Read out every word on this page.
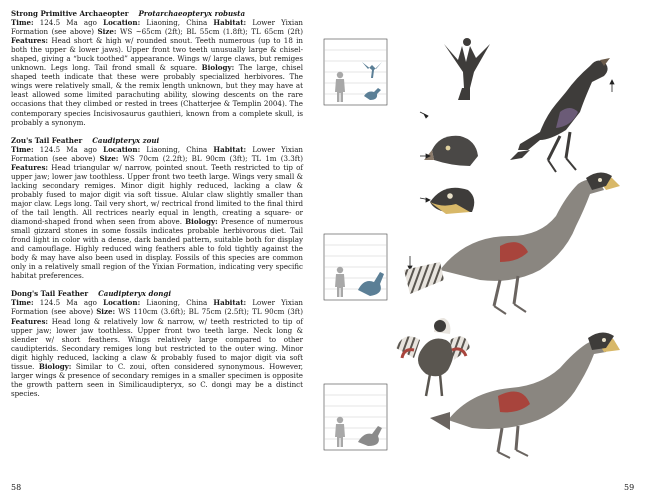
Strong Primitive Archaeopter Protarchaeopteryx robusta
Time: 124.5 Ma ago Location: Liaoning, China Habitat: Lower Yixian Formation (see above) Size: WS ~65cm (2ft); BL 55cm (1.8ft); TL 65cm (2ft) Features: Head short & high w/ rounded snout. Teeth numerous (up to 18 in both the upper & lower jaws). Upper front two teeth unusually large & chisel-shaped, giving a “buck toothed” appearance. Wings w/ large claws, but remiges unknown. Legs long. Tail frond small & square. Biology: The large, chisel shaped teeth indicate that these were probably specialized herbivores. The wings were relatively small, & the remix length unknown, but they may have at least allowed some limited parachuting ability, slowing descents on the rare occasions that they climbed or rested in trees (Chatterjee & Templin 2004). The contemporary species Incisivosaurus gauthieri, known from a complete skull, is probably a synonym.
Zou's Tail Feather Caudipteryx zoui
Time: 124.5 Ma ago Location: Liaoning, China Habitat: Lower Yixian Formation (see above) Size: WS 70cm (2.2ft); BL 90cm (3ft); TL 1m (3.3ft) Features: Head triangular w/ narrow, pointed snout. Teeth restricted to tip of upper jaw; lower jaw toothless. Upper front two teeth large. Wings very small & lacking secondary remiges. Minor digit highly reduced, lacking a claw & probably fused to major digit via soft tissue. Alular claw slightly smaller than major claw. Legs long. Tail very short, w/ rectrical frond limited to the final third of the tail length. All rectrices nearly equal in length, creating a square- or diamond-shaped frond when seen from above. Biology: Presence of numerous small gizzard stones in some fossils indicates probable herbivorous diet. Tail frond light in color with a dense, dark banded pattern, suitable both for display and camouflage. Highly reduced wing feathers able to fold tightly against the body & may have also been used in display. Fossils of this species are common only in a relatively small region of the Yixian Formation, indicating very specific habitat preferences.
Dong's Tail Feather Caudipteryx dongi
Time: 124.5 Ma ago Location: Liaoning, China Habitat: Lower Yixian Formation (see above) Size: WS 110cm (3.6ft); BL 75cm (2.5ft); TL 90cm (3ft) Features: Head long & relatively low & narrow, w/ teeth restricted to tip of upper jaw; lower jaw toothless. Upper front two teeth large. Neck long & slender w/ short feathers. Wings relatively large compared to other caudipterids. Secondary remiges long but restricted to the outer wing. Minor digit highly reduced, lacking a claw & probably fused to major digit via soft tissue. Biology: Similar to C. zoui, often considered synonymous. However, larger wings & presence of secondary remiges in a smaller specimen is opposite the growth pattern seen in Similicaudipteryx, so C. dongi may be a distinct species.
58	59
